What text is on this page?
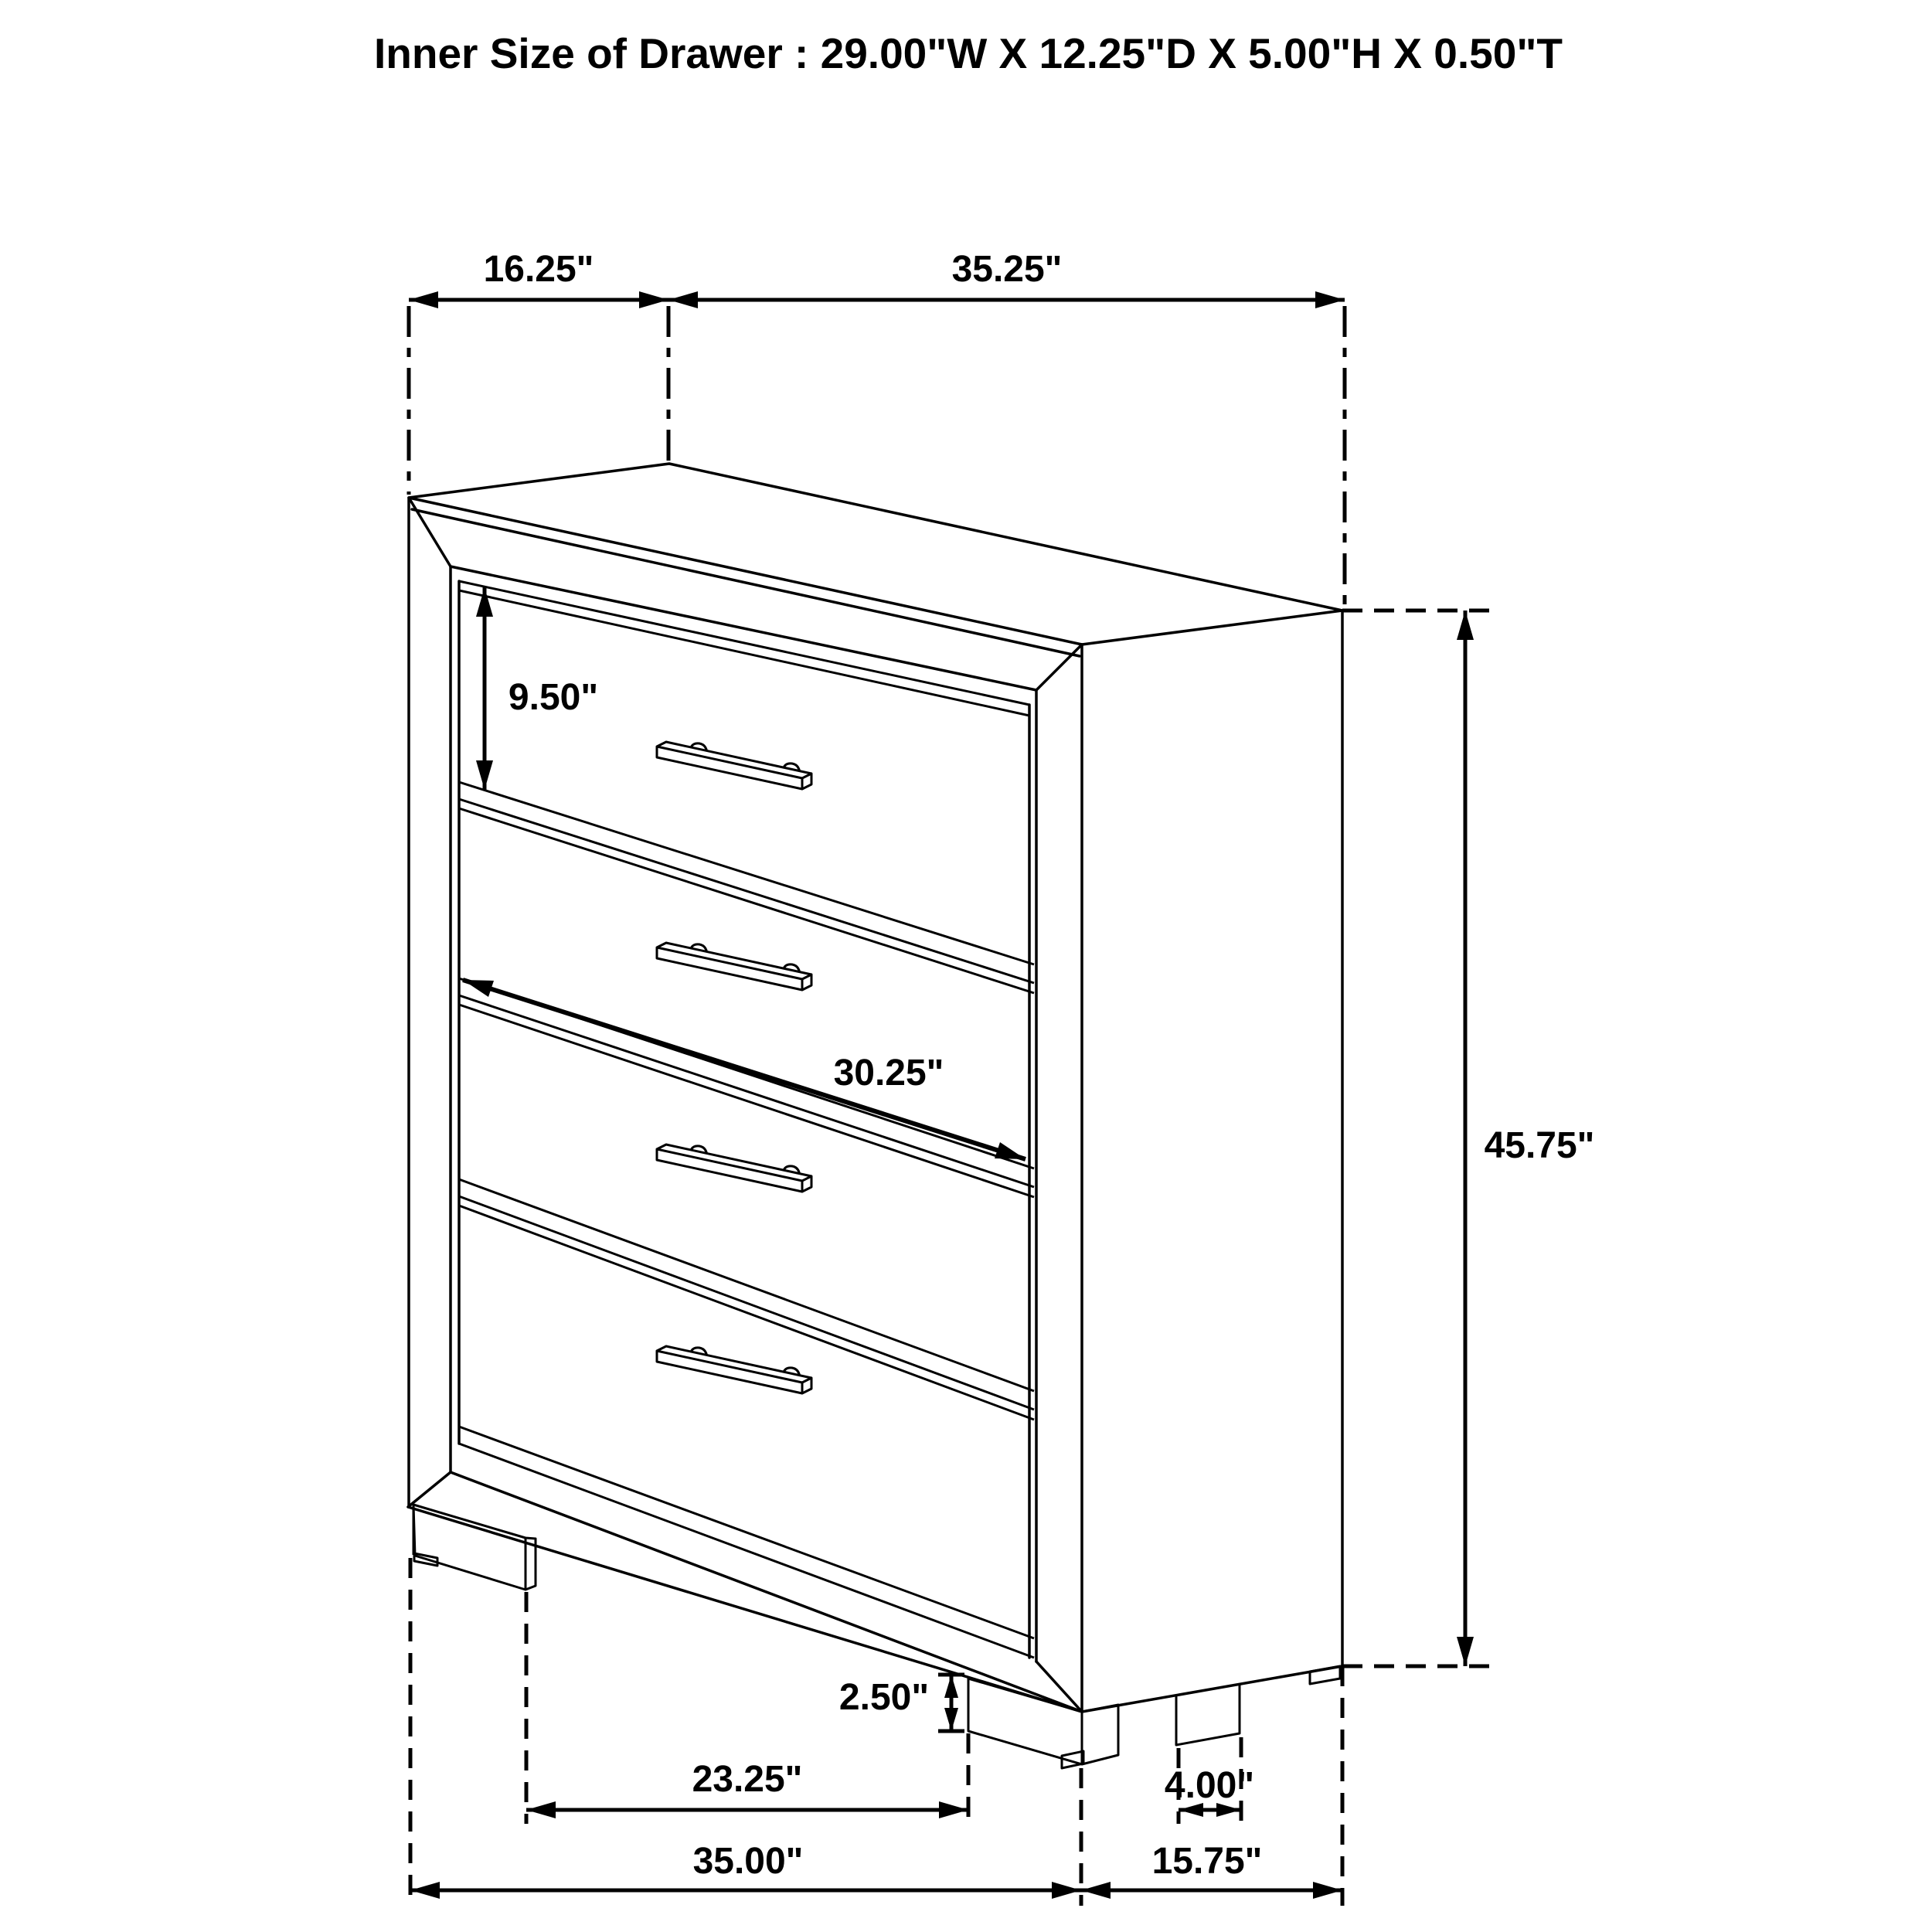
Inner Size of Drawer : 29.00"W X 12.25"D X 5.00"H X 0.50"T
16.25"	35.25"
9.50"
30.25"
45.75"
2.50"
23.25"	4.00"
35.00"	15.75"
